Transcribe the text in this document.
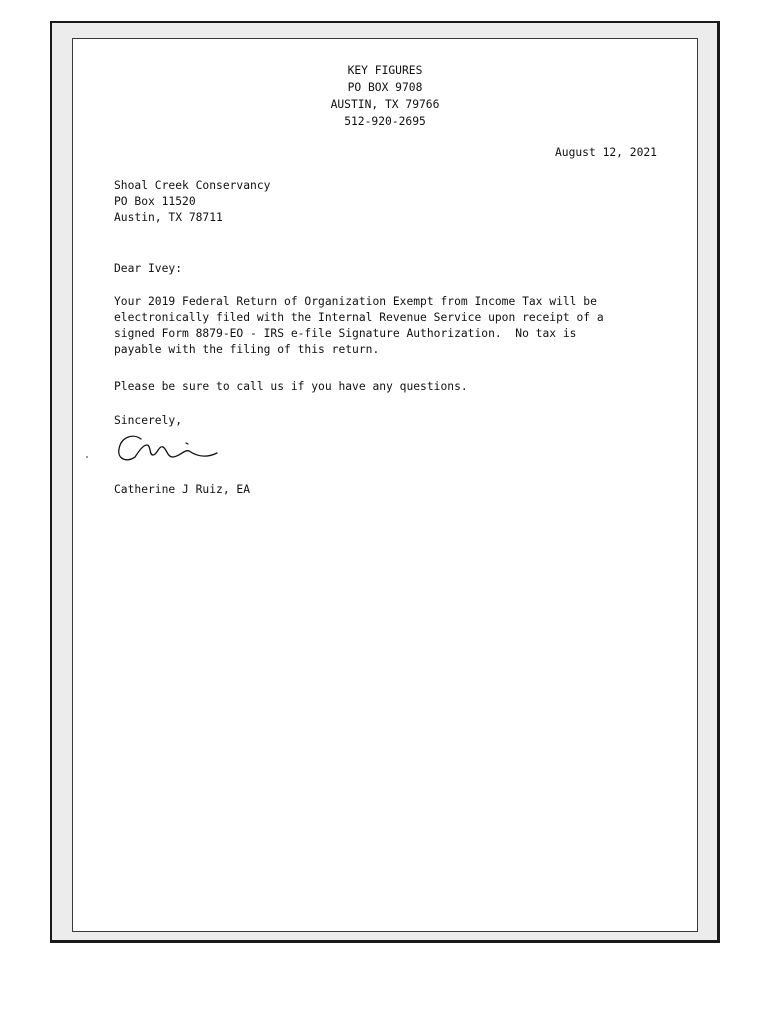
KEY FIGURES
PO BOX 9708
AUSTIN, TX 79766
512-920-2695
August 12, 2021
Shoal Creek Conservancy
PO Box 11520
Austin, TX 78711
Dear Ivey:
Your 2019 Federal Return of Organization Exempt from Income Tax will be
electronically filed with the Internal Revenue Service upon receipt of a
signed Form 8879-EO - IRS e-file Signature Authorization.  No tax is
payable with the filing of this return.
Please be sure to call us if you have any questions.
Sincerely,
Catherine J Ruiz, EA
